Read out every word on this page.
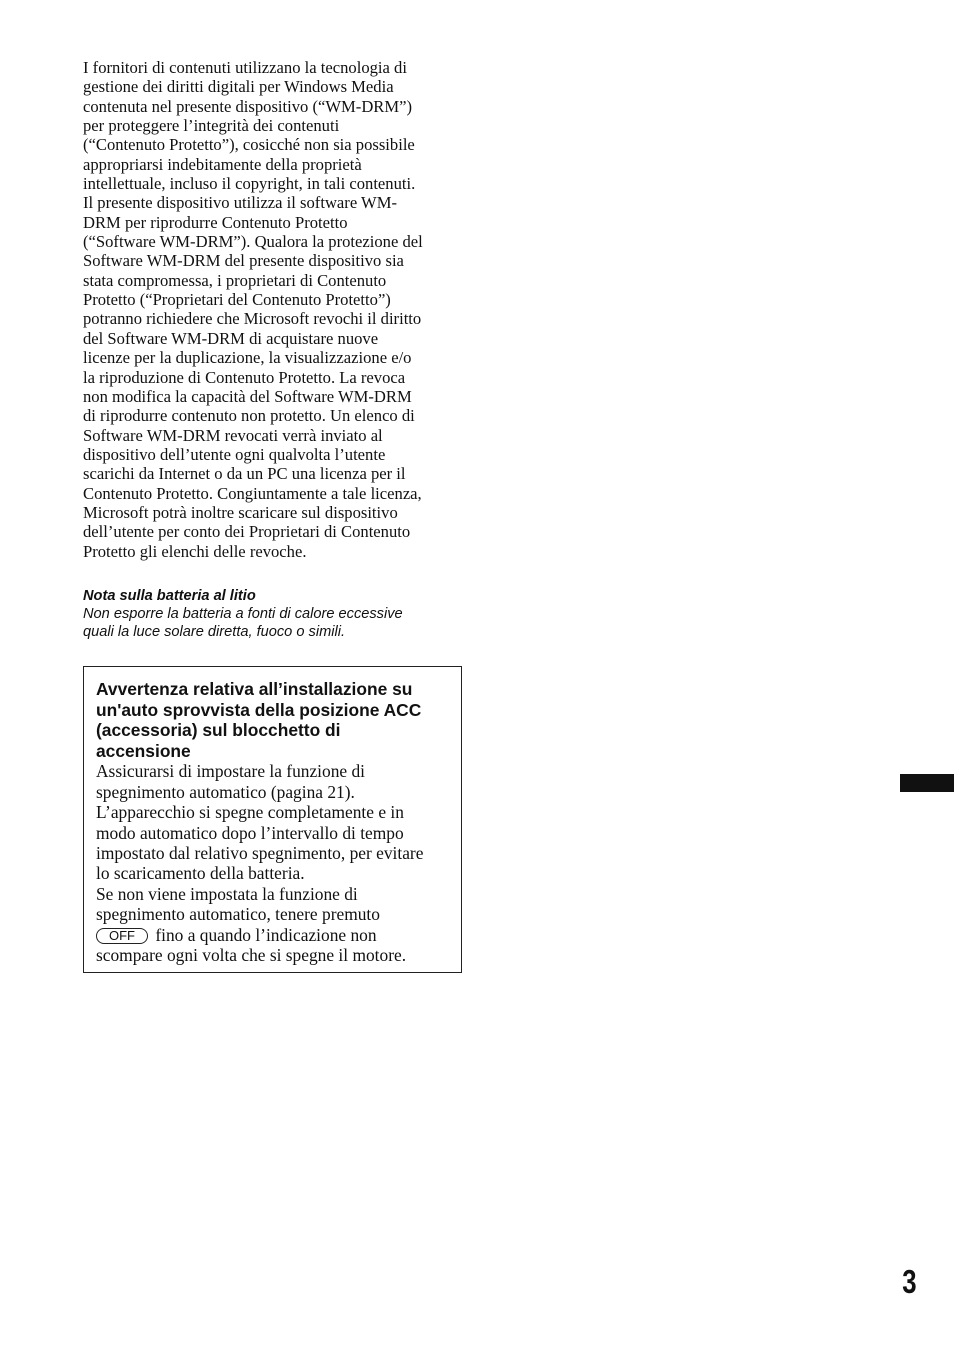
I fornitori di contenuti utilizzano la tecnologia di
gestione dei diritti digitali per Windows Media
contenuta nel presente dispositivo (“WM-DRM”)
per proteggere l’integrità dei contenuti
(“Contenuto Protetto”), cosicché non sia possibile
appropriarsi indebitamente della proprietà
intellettuale, incluso il copyright, in tali contenuti.
Il presente dispositivo utilizza il software WM-
DRM per riprodurre Contenuto Protetto
(“Software WM-DRM”). Qualora la protezione del
Software WM-DRM del presente dispositivo sia
stata compromessa, i proprietari di Contenuto
Protetto (“Proprietari del Contenuto Protetto”)
potranno richiedere che Microsoft revochi il diritto
del Software WM-DRM di acquistare nuove
licenze per la duplicazione, la visualizzazione e/o
la riproduzione di Contenuto Protetto. La revoca
non modifica la capacità del Software WM-DRM
di riprodurre contenuto non protetto. Un elenco di
Software WM-DRM revocati verrà inviato al
dispositivo dell’utente ogni qualvolta l’utente
scarichi da Internet o da un PC una licenza per il
Contenuto Protetto. Congiuntamente a tale licenza,
Microsoft potrà inoltre scaricare sul dispositivo
dell’utente per conto dei Proprietari di Contenuto
Protetto gli elenchi delle revoche.
Nota sulla batteria al litio
Non esporre la batteria a fonti di calore eccessive
quali la luce solare diretta, fuoco o simili.
Avvertenza relativa all’installazione su
un'auto sprovvista della posizione ACC
(accessoria) sul blocchetto di
accensione
Assicurarsi di impostare la funzione di
spegnimento automatico (pagina 21).
L’apparecchio si spegne completamente e in
modo automatico dopo l’intervallo di tempo
impostato dal relativo spegnimento, per evitare
lo scaricamento della batteria.
Se non viene impostata la funzione di
spegnimento automatico, tenere premuto
OFF fino a quando l’indicazione non
scompare ogni volta che si spegne il motore.
3
